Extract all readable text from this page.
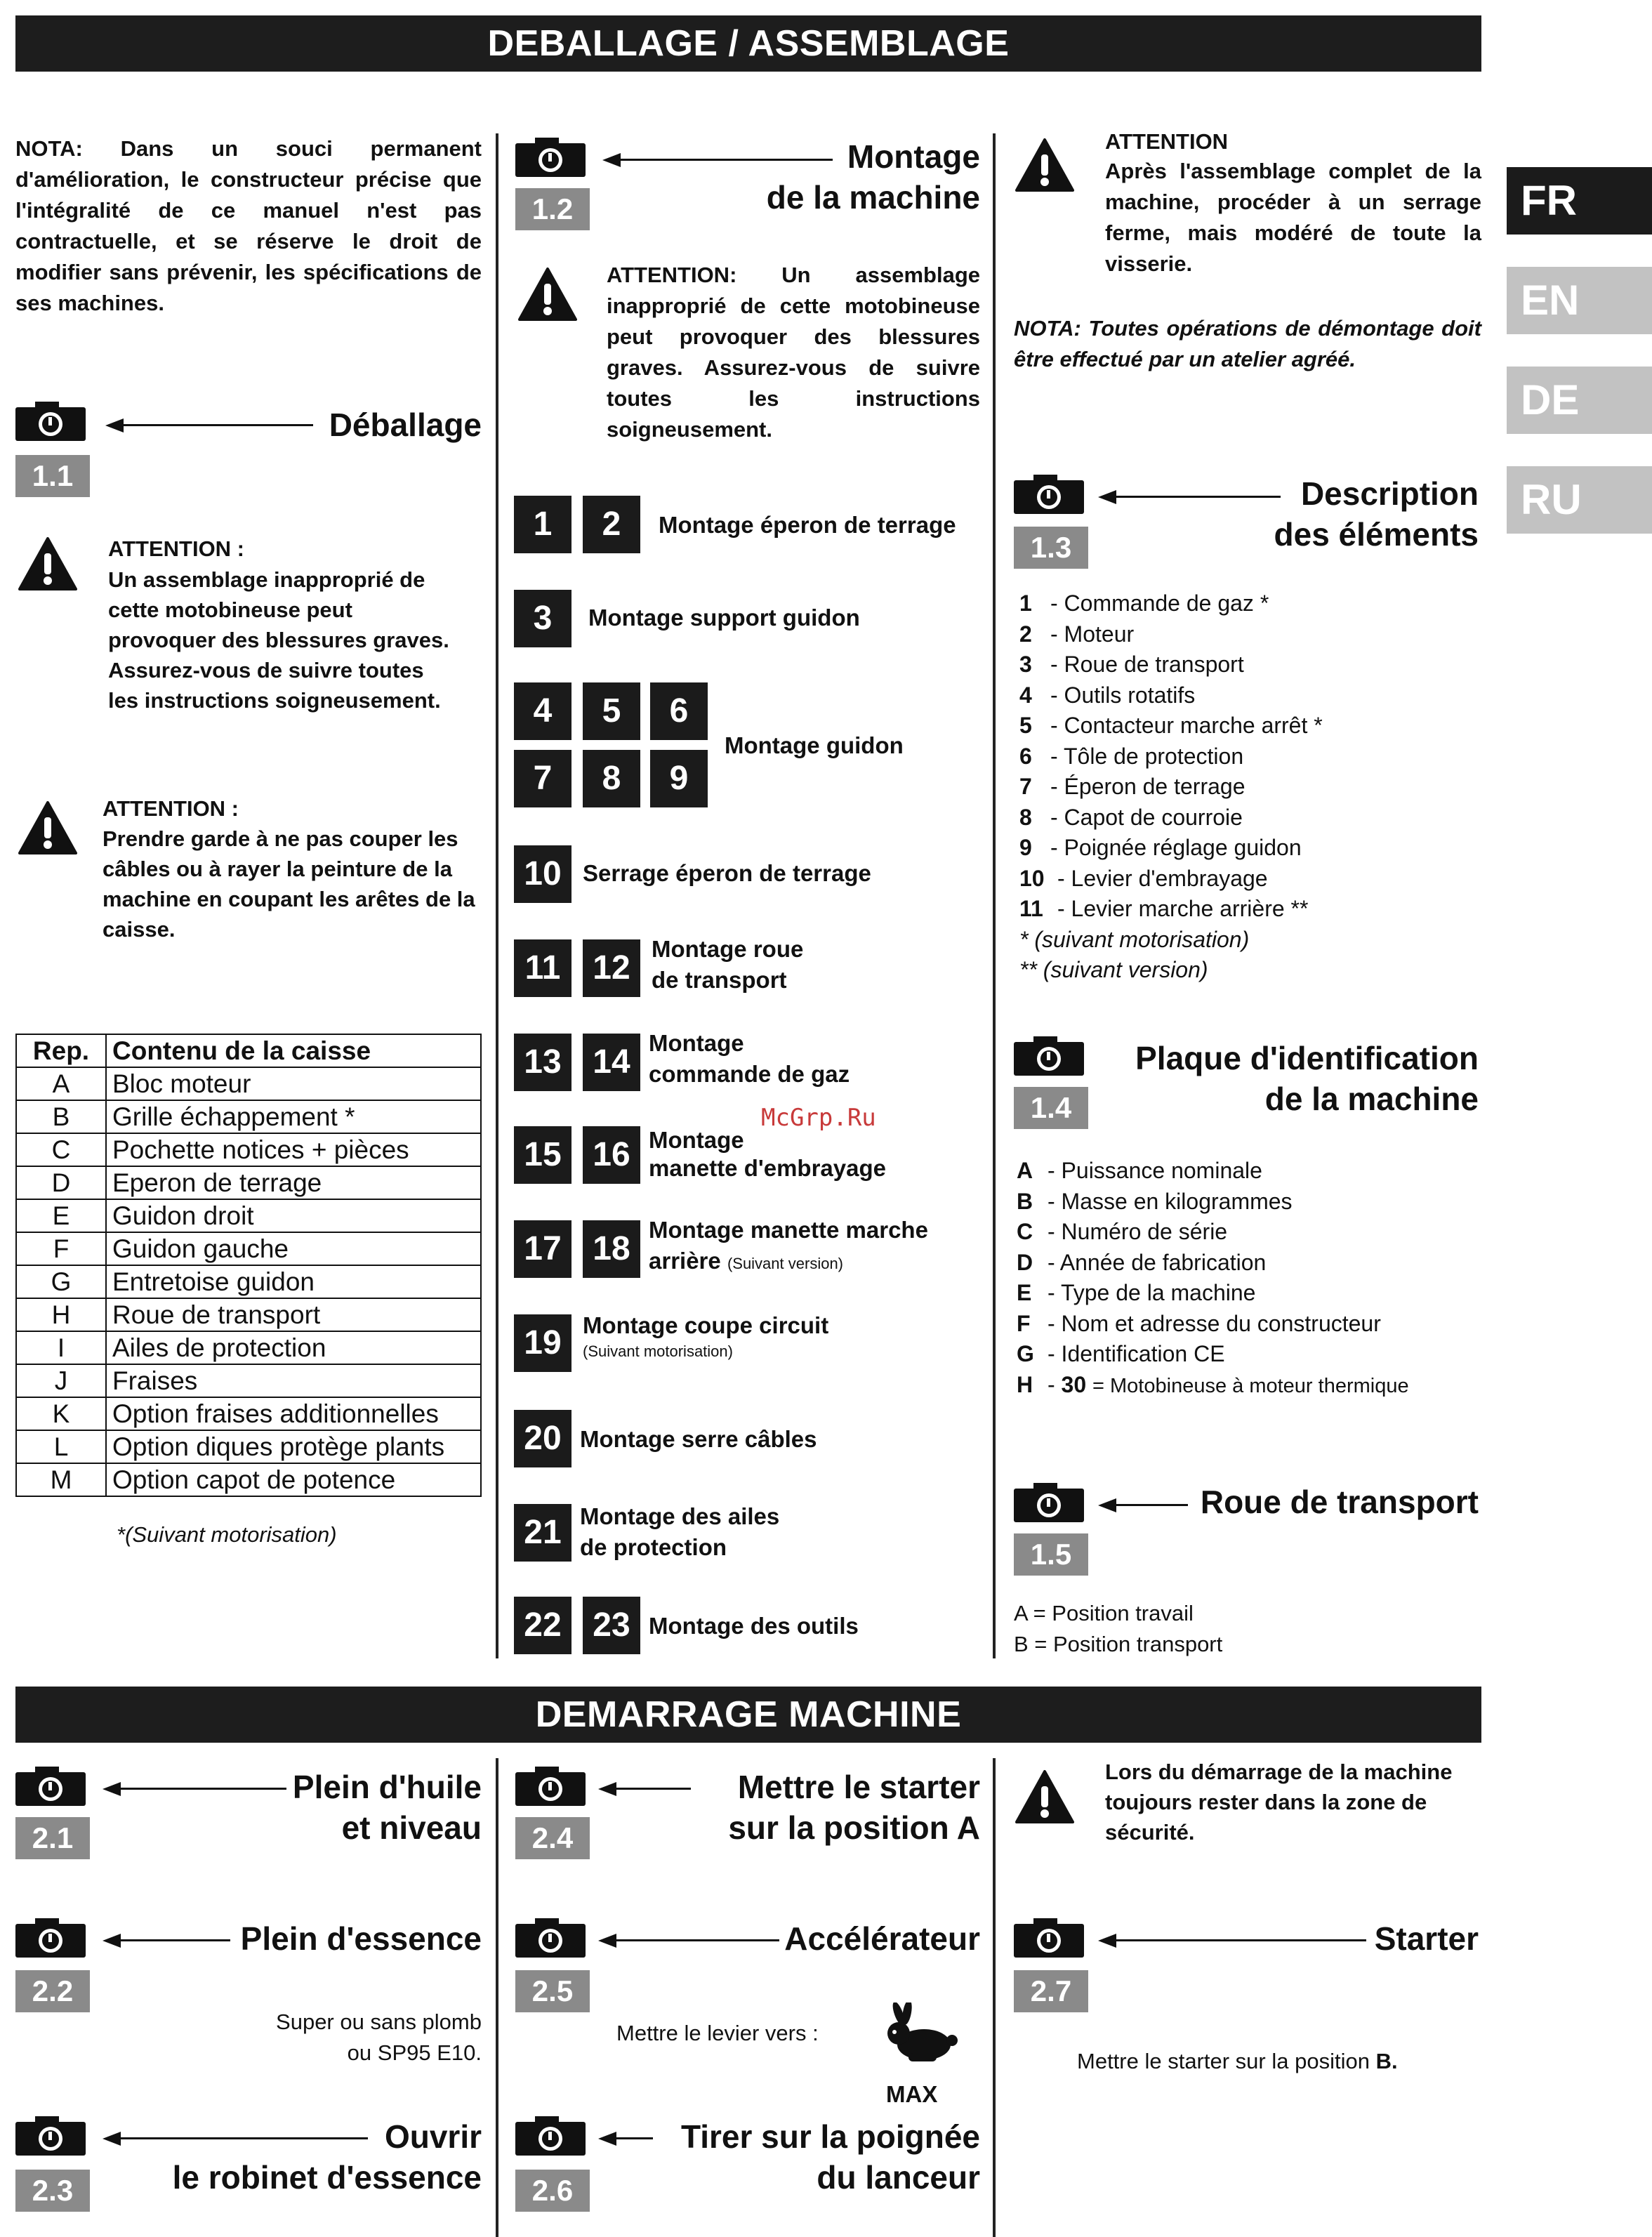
DEBALLAGE / ASSEMBLAGE
DEMARRAGE MACHINE
FR
EN
DE
RU
NOTA: Dans un souci permanent d'amélioration, le constructeur précise que l'intégralité de ce manuel n'est pas contractuelle, et se réserve le droit de modifier sans prévenir, les spécifications de ses machines.
Déballage
1.1
ATTENTION :
Un assemblage inapproprié de cette motobineuse peut provoquer des blessures graves. Assurez-vous de suivre toutes les instructions soigneusement.
ATTENTION :
Prendre garde à ne pas couper les câbles ou à rayer la peinture de la machine en coupant les arêtes de la caisse.
Rep.	Contenu de la caisse
A	Bloc moteur
B	Grille échappement *
C	Pochette notices + pièces
D	Eperon de terrage
E	Guidon droit
F	Guidon gauche
G	Entretoise guidon
H	Roue de transport
I	Ailes de protection
J	Fraises
K	Option fraises additionnelles
L	Option diques protège plants
M	Option capot de potence
*(Suivant motorisation)
Montage
de la machine
1.2
ATTENTION: Un assemblage inapproprié de cette motobineuse peut provoquer des blessures graves. Assurez-vous de suivre toutes les instructions soigneusement.
1	2	Montage éperon de terrage
3	Montage support guidon
4	5	6
7	8	9
Montage guidon
10 Serrage éperon de terrage
11 12
Montage roue
de transport
13 14
Montage
commande de gaz
15 16 Montage
manette d'embrayage
McGrp.Ru
17 18
Montage manette marche
arrière (Suivant version)
19 Montage coupe circuit
(Suivant motorisation)
20 Montage serre câbles
21 Montage des ailes
de protection
22 23 Montage des outils
ATTENTION
Après l'assemblage complet de la machine, procéder à un serrage ferme, mais modéré de toute la visserie.
NOTA: Toutes opérations de démontage doit être effectué par un atelier agréé.
Description
des éléments
1.3
1 - Commande de gaz *
2 - Moteur
3 - Roue de transport
4 - Outils rotatifs
5 - Contacteur marche arrêt *
6 - Tôle de protection
7 - Éperon de terrage
8 - Capot de courroie
9 - Poignée réglage guidon
10 - Levier d'embrayage
11 - Levier marche arrière **
* (suivant motorisation)
** (suivant version)
Plaque d'identification
de la machine
1.4
A - Puissance nominale
B - Masse en kilogrammes
C - Numéro de série
D - Année de fabrication
E - Type de la machine
F - Nom et adresse du constructeur
G - Identification CE
H - 30 = Motobineuse à moteur thermique
Roue de transport
1.5
A = Position travail
B = Position transport
Plein d'huile
et niveau
2.1
Plein d'essence
2.2
Super ou sans plomb
ou SP95 E10.
Ouvrir
le robinet d'essence
2.3
Mettre le starter
sur la position A
2.4
Accélérateur
2.5
Mettre le levier vers :
MAX
Tirer sur la poignée
du lanceur
2.6
Lors du démarrage de la machine toujours rester dans la zone de sécurité.
Starter
2.7
Mettre le starter sur la position B.
